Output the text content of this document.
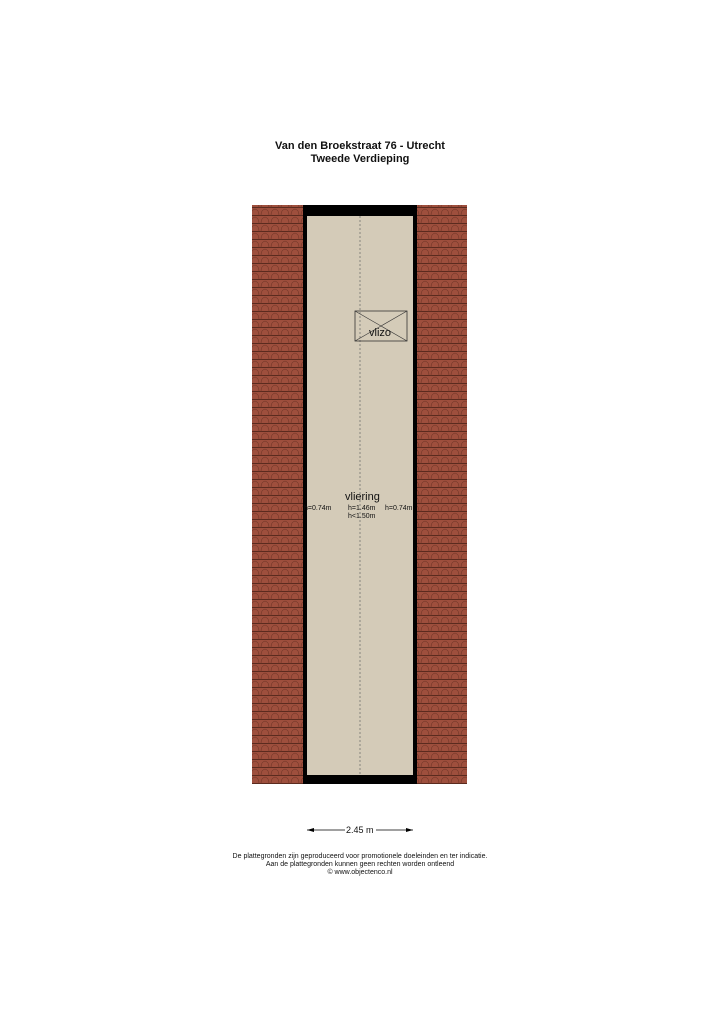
Van den Broekstraat 76 - Utrecht
Tweede Verdieping
vlizo
vliering
h=0.74m h=1.46m
h<1.50m
h=0.74m
2.45 m
De plattegronden zijn geproduceerd voor promotionele doeleinden en ter indicatie.
Aan de plattegronden kunnen geen rechten worden ontleend
© www.objectenco.nl
